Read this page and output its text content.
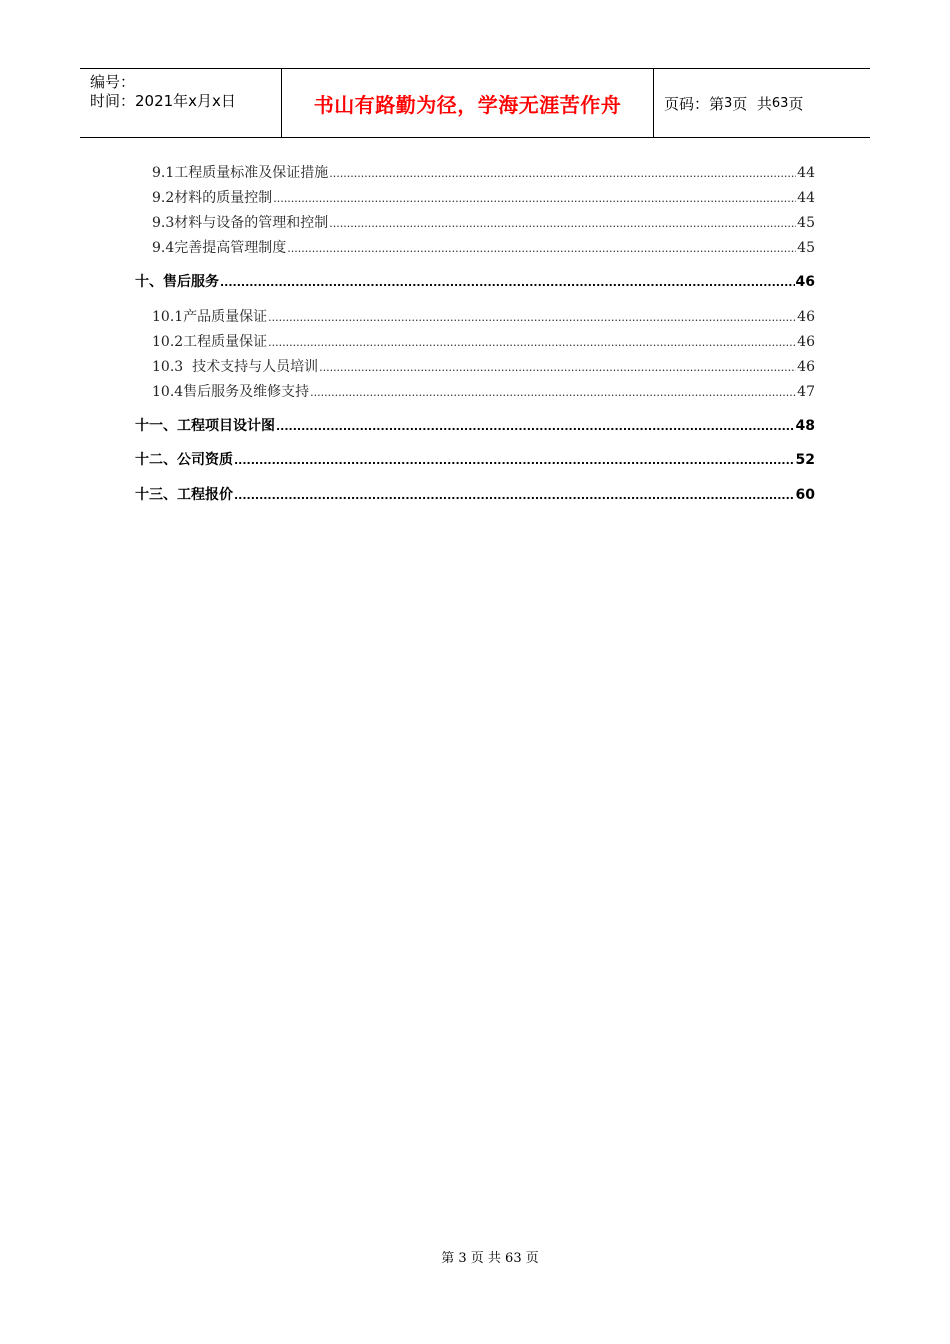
编号：
时间：2021年x月x日	书山有路勤为径，学海无涯苦作舟	页码：第 3 页  共 63 页
9.1工程质量标准及保证措施 .....	44
9.2材料的质量控制 .....	44
9.3材料与设备的管理和控制 .....	45
9.4完善提高管理制度 .....	45
十、售后服务 .....	46
10.1产品质量保证 .....	46
10.2工程质量保证 .....	46
10.3  技术支持与人员培训 .....	46
10.4售后服务及维修支持 .....	47
十一、工程项目设计图 .....	48
十二、公司资质 .....	52
十三、工程报价 .....	60
第 3 页 共 63 页
